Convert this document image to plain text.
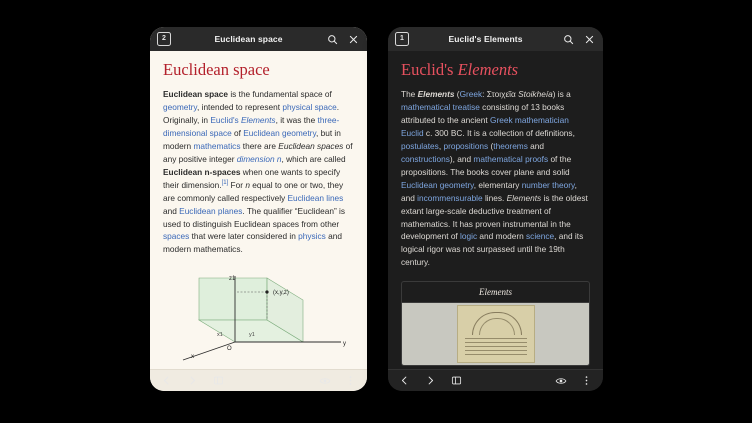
2	Euclidean space
Euclidean space
Euclidean space is the fundamental space of geometry, intended to represent physical space. Originally, in Euclid's Elements, it was the three-dimensional space of Euclidean geometry, but in modern mathematics there are Euclidean spaces of any positive integer dimension n, which are called Euclidean n-spaces when one wants to specify their dimension.[1] For n equal to one or two, they are commonly called respectively Euclidean lines and Euclidean planes. The qualifier “Euclidean” is used to distinguish Euclidean spaces from other spaces that were later considered in physics and modern mathematics.
z1
(x,y,z)
O
y
x
y1
x1
1	Euclid's Elements
Euclid's Elements
The Elements (Greek: Στοιχεῖα Stoikheía) is a mathematical treatise consisting of 13 books attributed to the ancient Greek mathematician Euclid c. 300 BC. It is a collection of definitions, postulates, propositions (theorems and constructions), and mathematical proofs of the propositions. The books cover plane and solid Euclidean geometry, elementary number theory, and incommensurable lines. Elements is the oldest extant large-scale deductive treatment of mathematics. It has proven instrumental in the development of logic and modern science, and its logical rigor was not surpassed until the 19th century.
Elements
